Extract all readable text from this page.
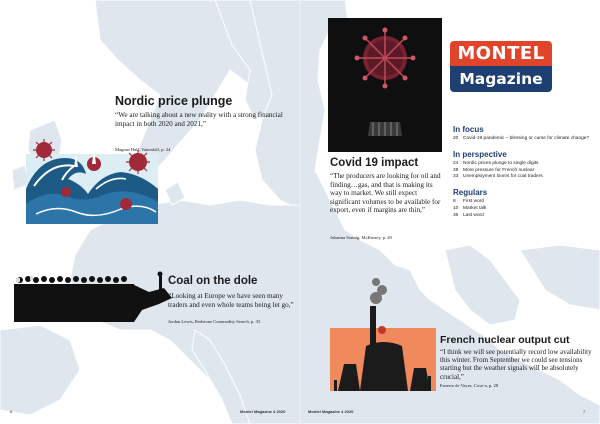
Nordic price plunge
“We are talking about a new reality with a strong financial impact in both 2020 and 2021,”
Magnus Hall, Vattenfall, p. 24
Coal on the dole
“Looking at Europe we have seen many traders and even whole teams being let go,”
Jordan Lewis, Redstone Commodity Search, p. 33
Covid 19 impact
“The producers are looking for oil and finding…gas, and that is making its way to market. We still expect significant volumes to be available for export, even if margins are thin,”
Johanna Sonnig, McKinsey, p. 20
MONTEL
Magazine
In focus
20 Covid-19 pandemic – blessing or curse for climate change?
In perspective
24 Nordic prices plunge to single digits
28 More pressure for French nuclear
33 Unemployment looms for coal traders
Regulars
8	First word
10 Market talk
36 Last word
French nuclear output cut
“I think we will see potentially record low availability this winter. From September we could see tensions starting but the weather signals will be absolutely crucial,”
Ernesto de Vayas, Cose-a, p. 28
6	Montel Magazine 4 2020	Montel Magazine 4 2020	7
